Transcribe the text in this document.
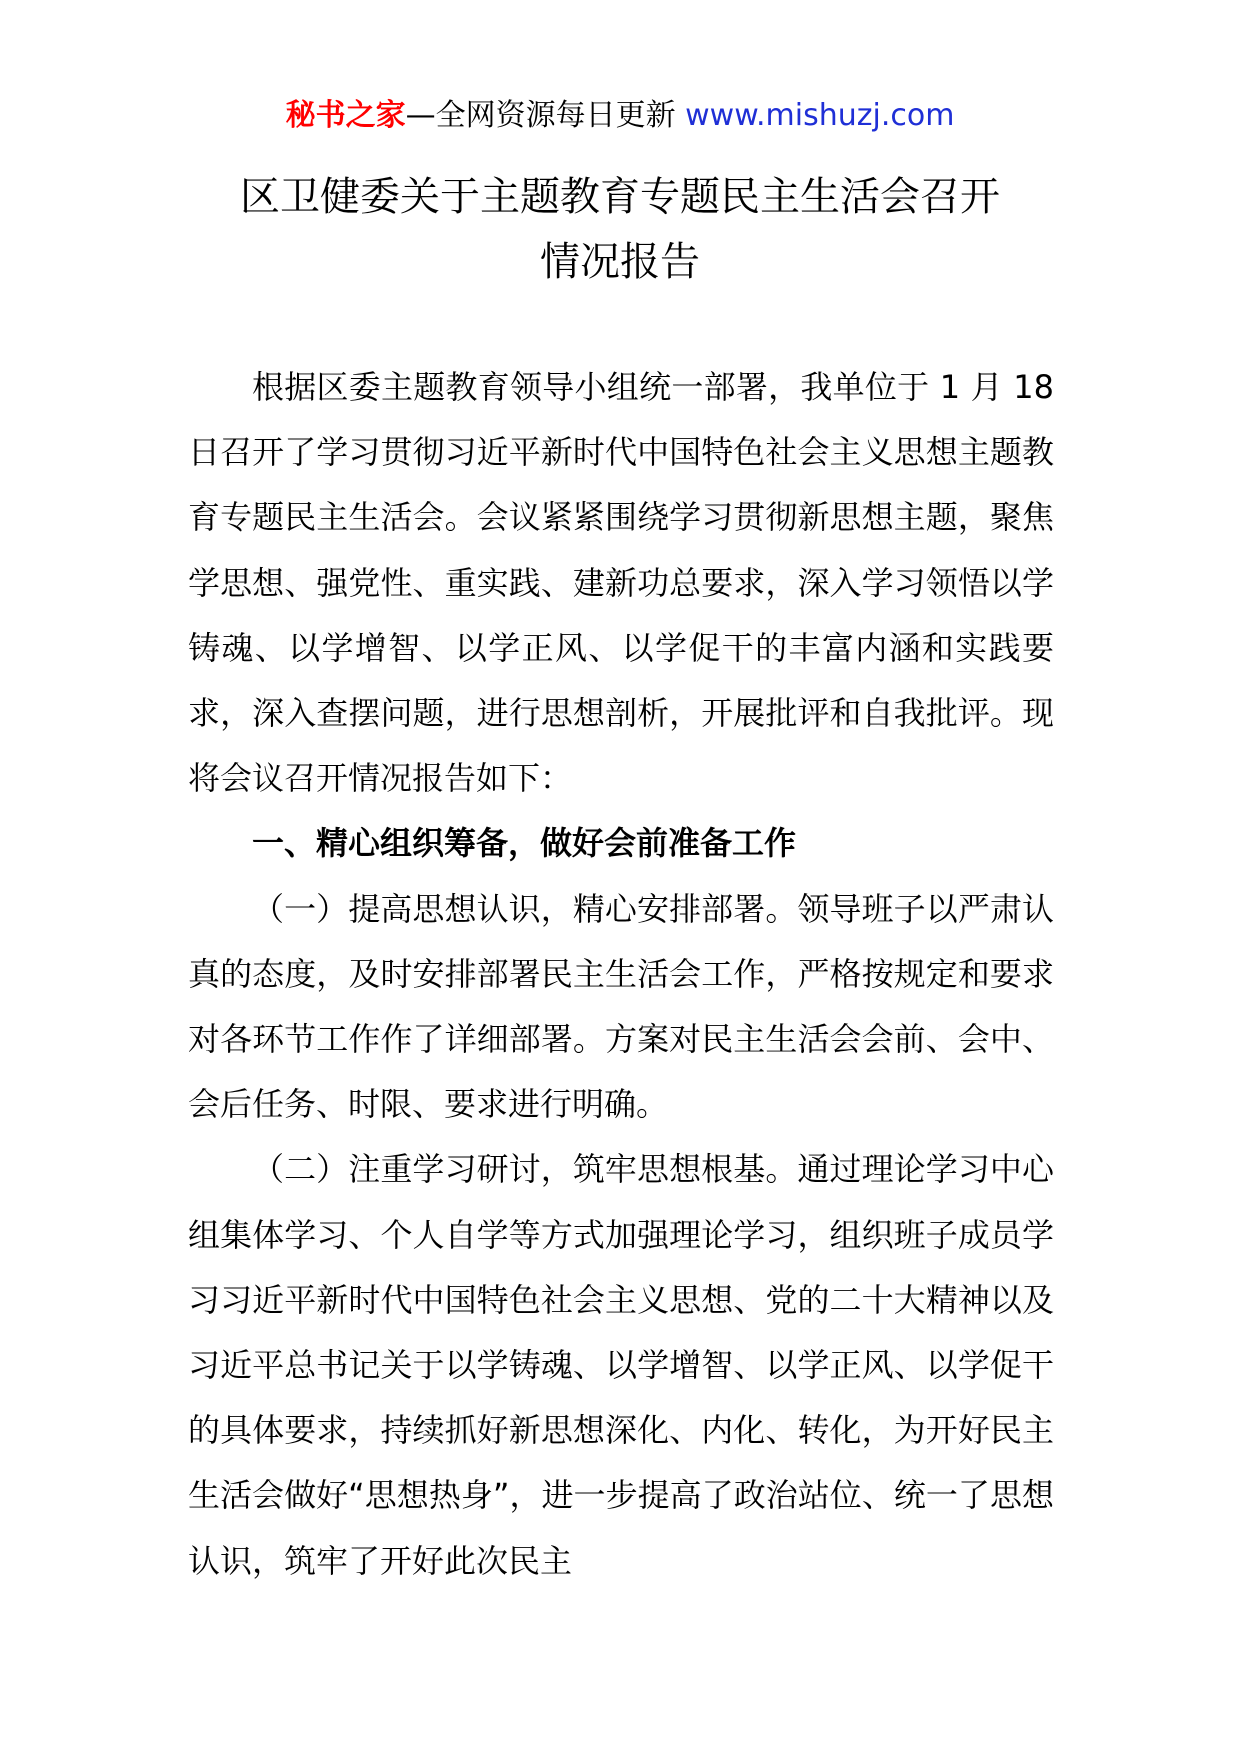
秘书之家—全网资源每日更新 www.mishuzj.com
区卫健委关于主题教育专题民主生活会召开
情况报告

根据区委主题教育领导小组统一部署，我单位于 1 月 18 日召开了学习贯彻习近平新时代中国特色社会主义思想主题教育专题民主生活会。会议紧紧围绕学习贯彻新思想主题，聚焦学思想、强党性、重实践、建新功总要求，深入学习领悟以学铸魂、以学增智、以学正风、以学促干的丰富内涵和实践要求，深入查摆问题，进行思想剖析，开展批评和自我批评。现将会议召开情况报告如下：

一、精心组织筹备，做好会前准备工作

（一）提高思想认识，精心安排部署。领导班子以严肃认真的态度，及时安排部署民主生活会工作，严格按规定和要求对各环节工作作了详细部署。方案对民主生活会会前、会中、会后任务、时限、要求进行明确。

（二）注重学习研讨，筑牢思想根基。通过理论学习中心组集体学习、个人自学等方式加强理论学习，组织班子成员学习习近平新时代中国特色社会主义思想、党的二十大精神以及习近平总书记关于以学铸魂、以学增智、以学正风、以学促干的具体要求，持续抓好新思想深化、内化、转化，为开好民主生活会做好“思想热身”，进一步提高了政治站位、统一了思想认识，筑牢了开好此次民主
